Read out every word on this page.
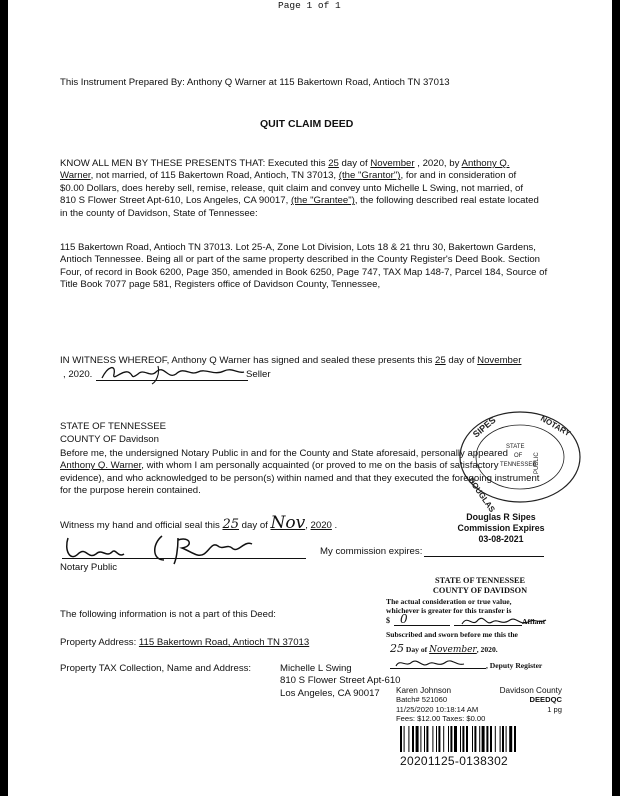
Page 1 of 1
This Instrument Prepared By: Anthony Q Warner at 115 Bakertown Road, Antioch TN 37013
QUIT CLAIM DEED
KNOW ALL MEN BY THESE PRESENTS THAT: Executed this 25 day of November , 2020, by Anthony Q.
Warner, not married, of 115 Bakertown Road, Antioch, TN 37013, (the "Grantor"), for and in consideration of
$0.00 Dollars, does hereby sell, remise, release, quit claim and convey unto Michelle L Swing, not married, of
810 S Flower Street Apt-610, Los Angeles, CA 90017, (the "Grantee"), the following described real estate located
in the county of Davidson, State of Tennessee:
115 Bakertown Road, Antioch TN 37013. Lot 25-A, Zone Lot Division, Lots 18 & 21 thru 30, Bakertown Gardens,
Antioch Tennessee. Being all or part of the same property described in the County Register's Deed Book. Section
Four, of record in Book 6200, Page 350, amended in Book 6250, Page 747, TAX Map 148-7, Parcel 184, Source of
Title Book 7077 page 581, Registers office of Davidson County, Tennessee,
IN WITNESS WHEREOF, Anthony Q Warner has signed and sealed these presents this 25 day of November
, 2020.	Seller
STATE OF TENNESSEE
COUNTY OF Davidson
Before me, the undersigned Notary Public in and for the County and State aforesaid, personally appeared
Anthony Q. Warner, with whom I am personally acquainted (or proved to me on the basis of satisfactory
evidence), and who acknowledged to be person(s) within named and that they executed the foregoing instrument
for the purpose herein contained.
SIPES	NOTARY
STATE
OF
TENNESSEE
PUBLIC
DOUGLAS
Witness my hand and official seal this 25 day of Nov, 2020 .
Douglas R Sipes
Commission Expires
03-08-2021
My commission expires:
Notary Public
STATE OF TENNESSEE
COUNTY OF DAVIDSON
The actual consideration or true value,
whichever is greater for this transfer is
$ 0	Affiant
Subscribed and sworn before me this the
25 Day of November, 2020.
, Deputy Register
The following information is not a part of this Deed:
Property Address: 115 Bakertown Road, Antioch TN 37013
Property TAX Collection, Name and Address:	Michelle L Swing
810 S Flower Street Apt-610
Los Angeles, CA 90017	Karen Johnson	Davidson County
Batch# 521060	DEEDQC
11/25/2020 10:18:14 AM	1 pg
Fees: $12.00 Taxes: $0.00
20201125-0138302
